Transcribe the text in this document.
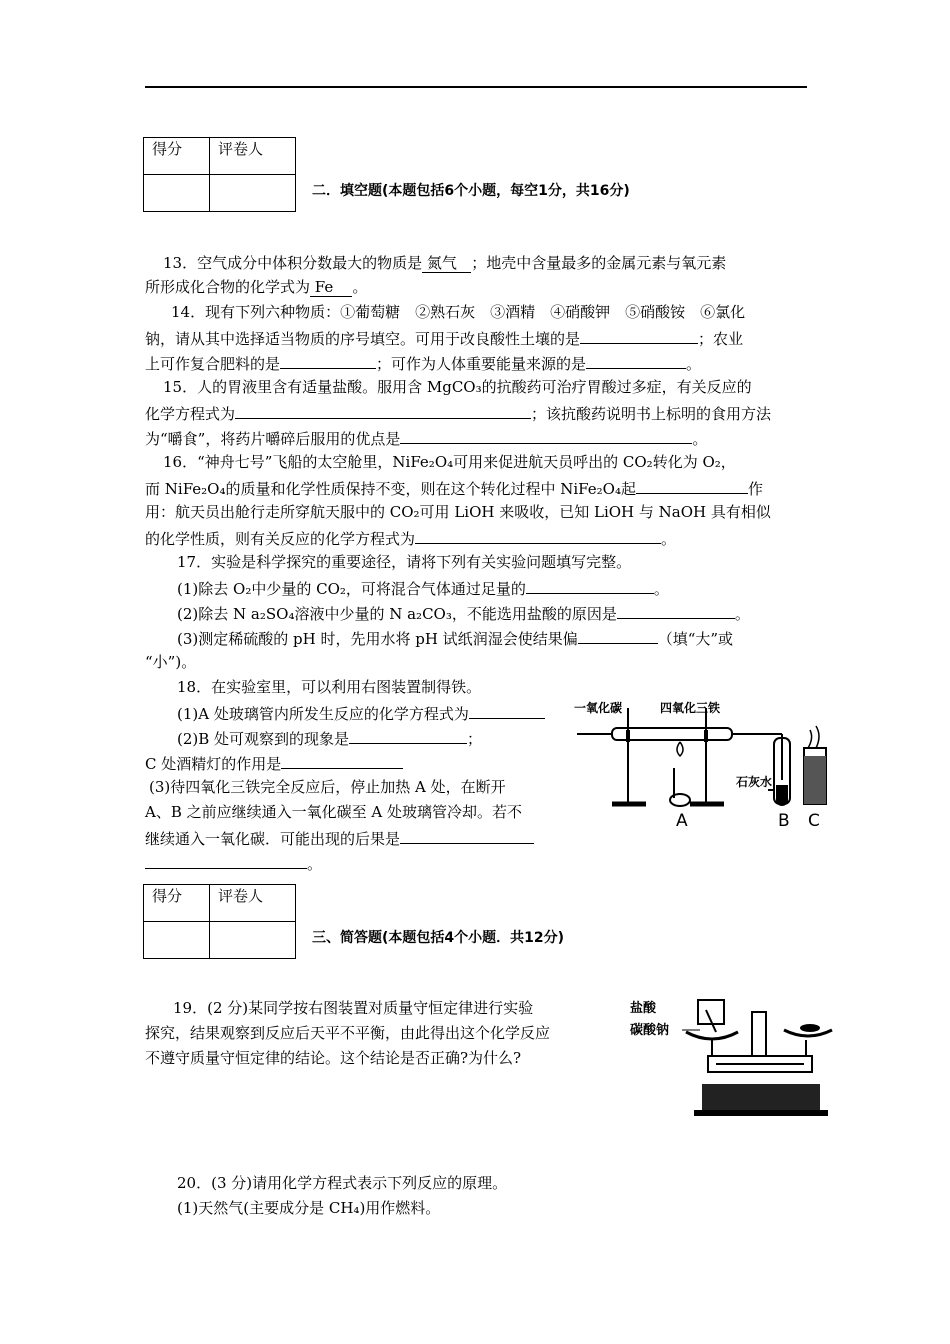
得分	评卷人

二．填空题(本题包括6个小题，每空1分，共16分)
13．空气成分中体积分数最大的物质是 氮气 ；地壳中含量最多的金属元素与氧元素
所形成化合物的化学式为 Fe 。
14．现有下列六种物质：①葡萄糖　②熟石灰　③酒精　④硝酸钾　⑤硝酸铵　⑥氯化
钠，请从其中选择适当物质的序号填空。可用于改良酸性土壤的是	；农业
上可作复合肥料的是	；可作为人体重要能量来源的是	。
15．人的胃液里含有适量盐酸。服用含 MgCO₃的抗酸药可治疗胃酸过多症，有关反应的
化学方程式为	；该抗酸药说明书上标明的食用方法
为“嚼食”，将药片嚼碎后服用的优点是	。
16．“神舟七号”飞船的太空舱里，NiFe₂O₄可用来促进航天员呼出的 CO₂转化为 O₂，
而 NiFe₂O₄的质量和化学性质保持不变，则在这个转化过程中 NiFe₂O₄起	作
用：航天员出舱行走所穿航天服中的 CO₂可用 LiOH 来吸收，已知 LiOH 与 NaOH 具有相似
的化学性质，则有关反应的化学方程式为	。
17．实验是科学探究的重要途径，请将下列有关实验问题填写完整。
(1)除去 O₂中少量的 CO₂，可将混合气体通过足量的	。
(2)除去 N a₂SO₄溶液中少量的 N a₂CO₃，不能选用盐酸的原因是	。
(3)测定稀硫酸的 pH 时，先用水将 pH 试纸润湿会使结果偏	（填“大”或
“小”)。
18．在实验室里，可以利用右图装置制得铁。
(1)A 处玻璃管内所发生反应的化学方程式为
(2)B 处可观察到的现象是	；
C 处酒精灯的作用是
(3)待四氧化三铁完全反应后，停止加热 A 处，在断开
A、B 之前应继续通入一氧化碳至 A 处玻璃管冷却。若不
继续通入一氧化碳．可能出现的后果是
。
一氧化碳	四氧化三铁
石灰水
A	B C
得分	评卷人

三、简答题(本题包括4个小题．共12分)
19．(2 分)某同学按右图装置对质量守恒定律进行实验
探究，结果观察到反应后天平不平衡，由此得出这个化学反应
不遵守质量守恒定律的结论。这个结论是否正确?为什么?
盐酸
碳酸钠
20．(3 分)请用化学方程式表示下列反应的原理。
(1)天然气(主要成分是 CH₄)用作燃料。
